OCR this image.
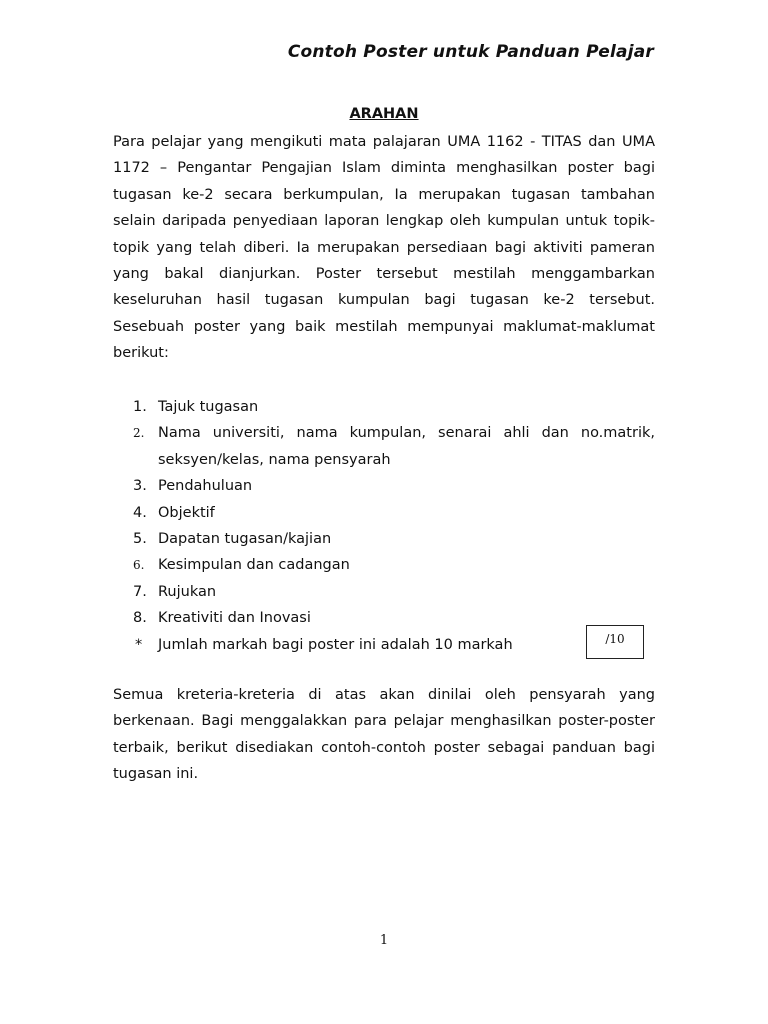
Contoh Poster untuk Panduan Pelajar
ARAHAN

Para pelajar yang mengikuti mata palajaran UMA 1162 - TITAS dan UMA 1172 – Pengantar Pengajian Islam diminta menghasilkan poster bagi tugasan ke-2 secara berkumpulan, Ia merupakan tugasan tambahan selain daripada penyediaan laporan lengkap oleh kumpulan untuk topik-topik yang telah diberi. Ia merupakan persediaan bagi aktiviti pameran yang bakal dianjurkan. Poster tersebut mestilah menggambarkan keseluruhan hasil tugasan kumpulan bagi tugasan ke-2 tersebut. Sesebuah poster yang baik mestilah mempunyai maklumat-maklumat berikut:

1. Tajuk tugasan
2. Nama universiti, nama kumpulan, senarai ahli dan no.matrik, seksyen/kelas, nama pensyarah
3. Pendahuluan
4. Objektif
5. Dapatan tugasan/kajian
6. Kesimpulan dan cadangan
7. Rujukan
8. Kreativiti dan Inovasi
* Jumlah markah bagi poster ini adalah 10 markah	/10

Semua kreteria-kreteria di atas akan dinilai oleh pensyarah yang berkenaan. Bagi menggalakkan para pelajar menghasilkan poster-poster terbaik, berikut disediakan contoh-contoh poster sebagai panduan bagi tugasan ini.

1
